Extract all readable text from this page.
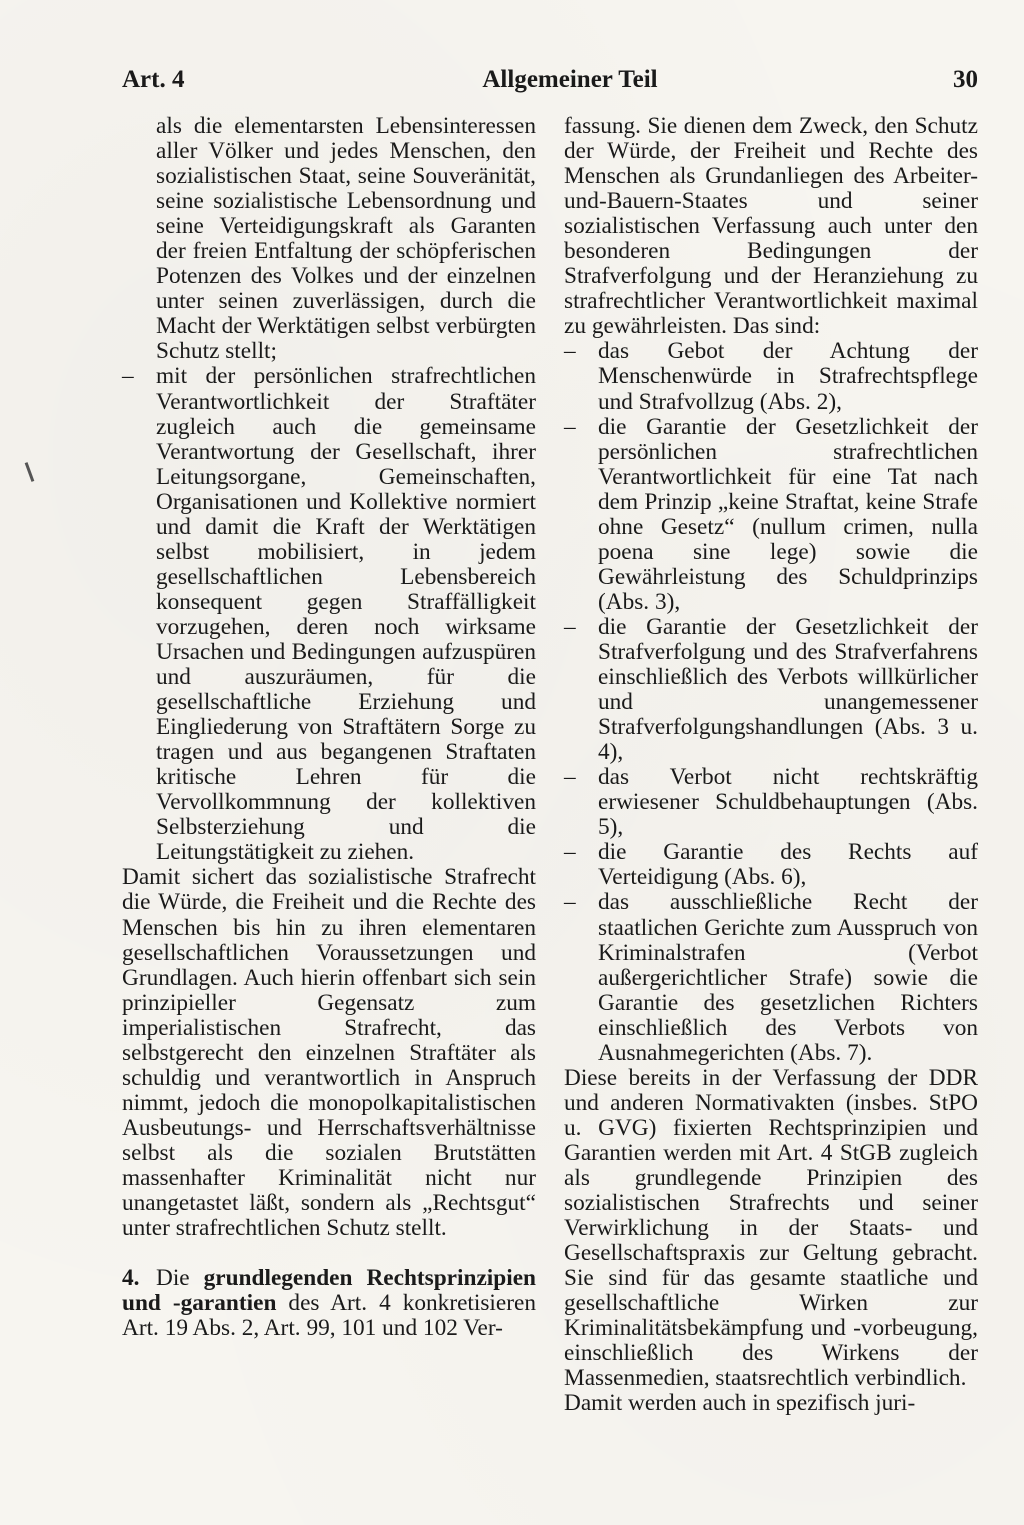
Art. 4	Allgemeiner Teil	30

als die elementarsten Lebensinteressen aller Völker und jedes Menschen, den sozialistischen Staat, seine Souveränität, seine sozialistische Lebensordnung und seine Verteidigungskraft als Garanten der freien Entfaltung der schöpferischen Potenzen des Volkes und der einzelnen unter seinen zuverlässigen, durch die Macht der Werktätigen selbst verbürgten Schutz stellt;

– mit der persönlichen strafrechtlichen Verantwortlichkeit der Straftäter zugleich auch die gemeinsame Verantwortung der Gesellschaft, ihrer Leitungsorgane, Gemeinschaften, Organisationen und Kollektive normiert und damit die Kraft der Werktätigen selbst mobilisiert, in jedem gesellschaftlichen Lebensbereich konsequent gegen Straffälligkeit vorzugehen, deren noch wirksame Ursachen und Bedingungen aufzuspüren und auszuräumen, für die gesellschaftliche Erziehung und Eingliederung von Straftätern Sorge zu tragen und aus begangenen Straftaten kritische Lehren für die Vervollkommnung der kollektiven Selbsterziehung und die Leitungstätigkeit zu ziehen.

Damit sichert das sozialistische Strafrecht die Würde, die Freiheit und die Rechte des Menschen bis hin zu ihren elementaren gesellschaftlichen Voraussetzungen und Grundlagen. Auch hierin offenbart sich sein prinzipieller Gegensatz zum imperialistischen Strafrecht, das selbstgerecht den einzelnen Straftäter als schuldig und verantwortlich in Anspruch nimmt, jedoch die monopolkapitalistischen Ausbeutungs- und Herrschaftsverhältnisse selbst als die sozialen Brutstätten massenhafter Kriminalität nicht nur unangetastet läßt, sondern als „Rechtsgut“ unter strafrechtlichen Schutz stellt.

4. Die grundlegenden Rechtsprinzipien und -garantien des Art. 4 konkretisieren Art. 19 Abs. 2, Art. 99, 101 und 102 Ver-

fassung. Sie dienen dem Zweck, den Schutz der Würde, der Freiheit und Rechte des Menschen als Grundanliegen des Arbeiter-und-Bauern-Staates und seiner sozialistischen Verfassung auch unter den besonderen Bedingungen der Strafverfolgung und der Heranziehung zu strafrechtlicher Verantwortlichkeit maximal zu gewährleisten. Das sind:

– das Gebot der Achtung der Menschenwürde in Strafrechtspflege und Strafvollzug (Abs. 2),

– die Garantie der Gesetzlichkeit der persönlichen strafrechtlichen Verantwortlichkeit für eine Tat nach dem Prinzip „keine Straftat, keine Strafe ohne Gesetz“ (nullum crimen, nulla poena sine lege) sowie die Gewährleistung des Schuldprinzips (Abs. 3),

– die Garantie der Gesetzlichkeit der Strafverfolgung und des Strafverfahrens einschließlich des Verbots willkürlicher und unangemessener Strafverfolgungshandlungen (Abs. 3 u. 4),

– das Verbot nicht rechtskräftig erwiesener Schuldbehauptungen (Abs. 5),

– die Garantie des Rechts auf Verteidigung (Abs. 6),

– das ausschließliche Recht der staatlichen Gerichte zum Ausspruch von Kriminalstrafen (Verbot außergerichtlicher Strafe) sowie die Garantie des gesetzlichen Richters einschließlich des Verbots von Ausnahmegerichten (Abs. 7).

Diese bereits in der Verfassung der DDR und anderen Normativakten (insbes. StPO u. GVG) fixierten Rechtsprinzipien und Garantien werden mit Art. 4 StGB zugleich als grundlegende Prinzipien des sozialistischen Strafrechts und seiner Verwirklichung in der Staats- und Gesellschaftspraxis zur Geltung gebracht. Sie sind für das gesamte staatliche und gesellschaftliche Wirken zur Kriminalitätsbekämpfung und -vorbeugung, einschließlich des Wirkens der Massenmedien, staatsrechtlich verbindlich.

Damit werden auch in spezifisch juri-
